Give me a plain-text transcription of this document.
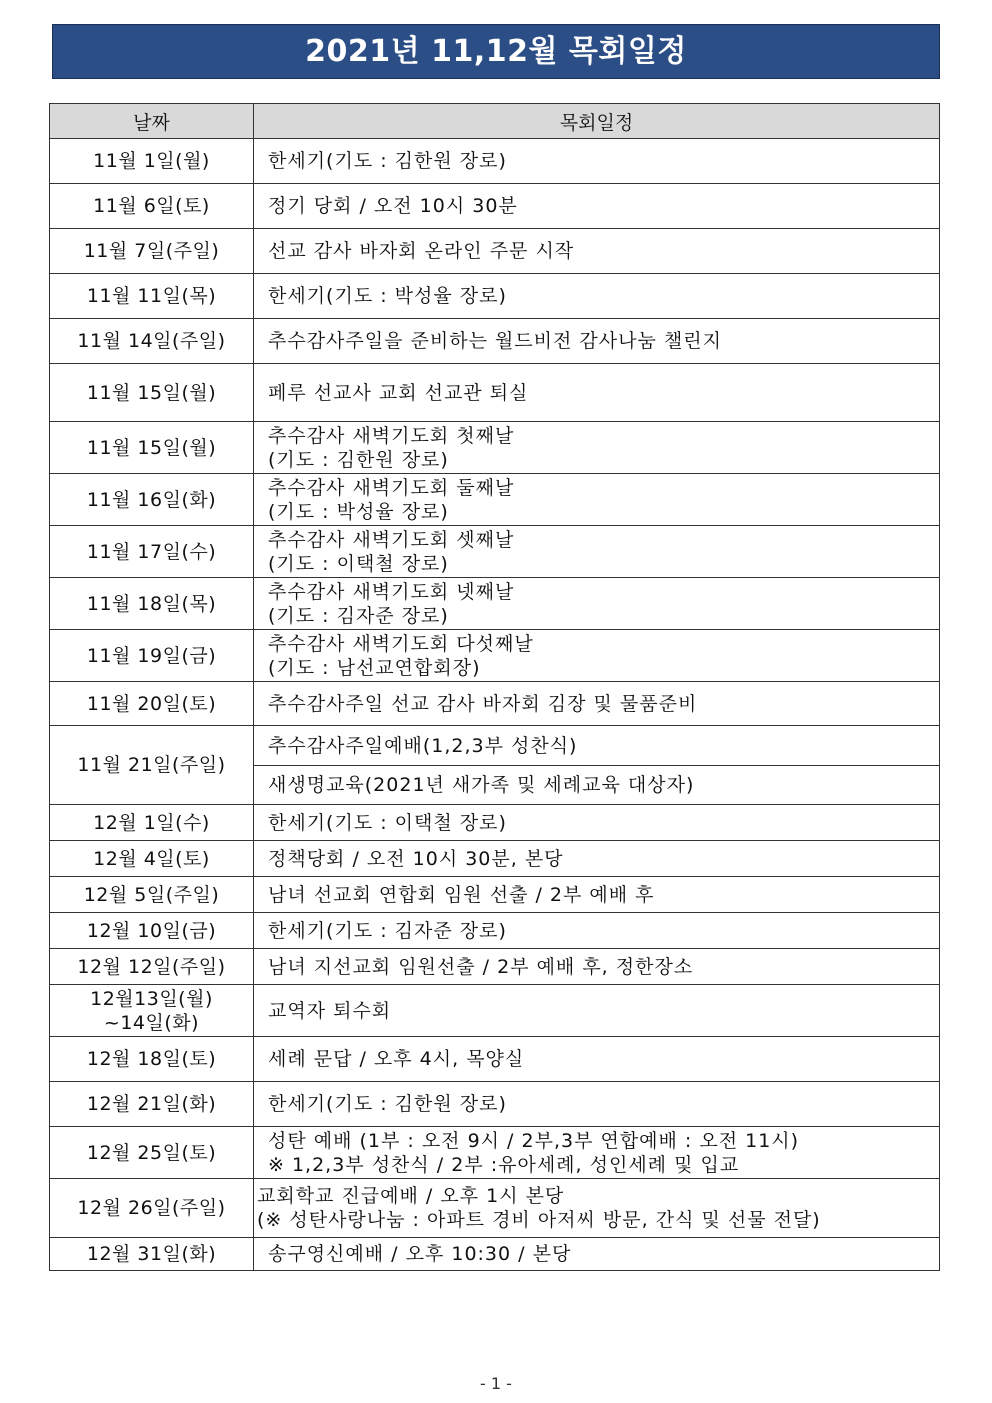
2021년 11,12월 목회일정
날짜	목회일정
11월 1일(월)	한세기(기도 : 김한원 장로)
11월 6일(토)	정기 당회 / 오전 10시 30분
11월 7일(주일)	선교 감사 바자회 온라인 주문 시작
11월 11일(목)	한세기(기도 : 박성율 장로)
11월 14일(주일)	추수감사주일을 준비하는 월드비전 감사나눔 챌린지
11월 15일(월)	페루 선교사 교회 선교관 퇴실
11월 15일(월)	추수감사 새벽기도회 첫째날
(기도 : 김한원 장로)

11월 16일(화)	추수감사 새벽기도회 둘째날
(기도 : 박성율 장로)

11월 17일(수)	추수감사 새벽기도회 셋째날
(기도 : 이택철 장로)

11월 18일(목)	추수감사 새벽기도회 넷째날
(기도 : 김자준 장로)

11월 19일(금)	추수감사 새벽기도회 다섯째날
(기도 : 남선교연합회장)

11월 20일(토)	추수감사주일 선교 감사 바자회 김장 및 물품준비
11월 21일(주일)	추수감사주일예배(1,2,3부 성찬식)
	새생명교육(2021년 새가족 및 세례교육 대상자)
12월 1일(수)	한세기(기도 : 이택철 장로)
12월 4일(토)	정책당회 / 오전 10시 30분, 본당
12월 5일(주일)	남녀 선교회 연합회 임원 선출 / 2부 예배 후
12월 10일(금)	한세기(기도 : 김자준 장로)
12월 12일(주일)	남녀 지선교회 임원선출 / 2부 예배 후, 정한장소
12월13일(월)
~14일(화)	교역자 퇴수회
12월 18일(토)	세례 문답 / 오후 4시, 목양실
12월 21일(화)	한세기(기도 : 김한원 장로)
12월 25일(토)	성탄 예배 (1부 : 오전 9시 / 2부,3부 연합예배 : 오전 11시)
※ 1,2,3부 성찬식 / 2부 :유아세례, 성인세례 및 입교

12월 26일(주일)	교회학교 진급예배 / 오후 1시 본당
(※ 성탄사랑나눔 : 아파트 경비 아저씨 방문, 간식 및 선물 전달)

12월 31일(화)	송구영신예배 / 오후 10:30 / 본당
- 1 -
